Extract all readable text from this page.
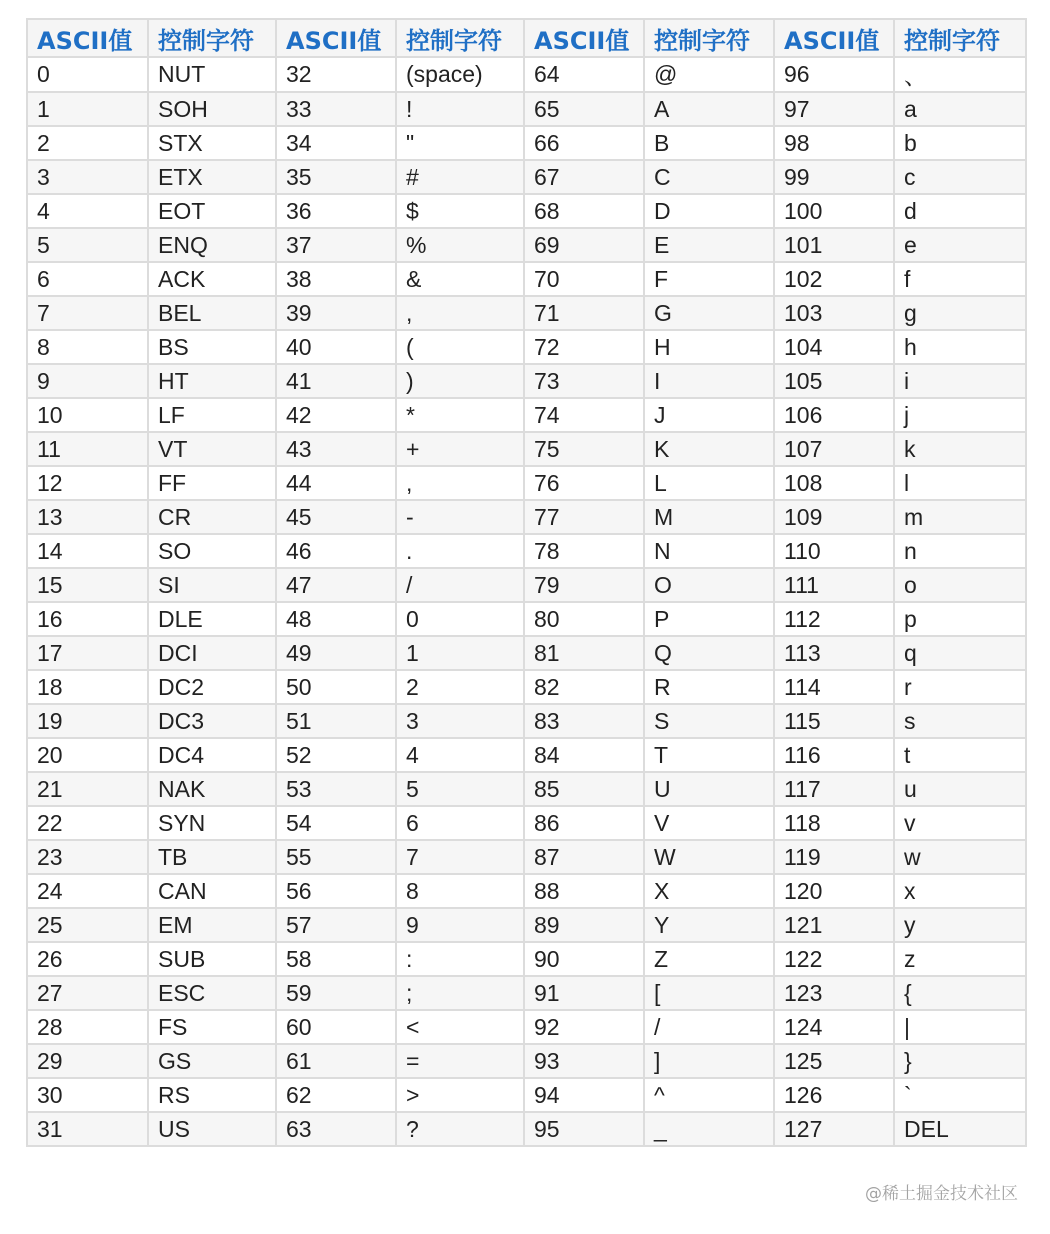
ASCII值	控制字符	ASCII值	控制字符	ASCII值	控制字符	ASCII值	控制字符
0	NUT	32	(space)	64	@	96	、
1	SOH	33	!	65	A	97	a
2	STX	34	"	66	B	98	b
3	ETX	35	#	67	C	99	c
4	EOT	36	$	68	D	100	d
5	ENQ	37	%	69	E	101	e
6	ACK	38	&	70	F	102	f
7	BEL	39	,	71	G	103	g
8	BS	40	(	72	H	104	h
9	HT	41	)	73	I	105	i
10	LF	42	*	74	J	106	j
11	VT	43	+	75	K	107	k
12	FF	44	,	76	L	108	l
13	CR	45	-	77	M	109	m
14	SO	46	.	78	N	110	n
15	SI	47	/	79	O	111	o
16	DLE	48	0	80	P	112	p
17	DCI	49	1	81	Q	113	q
18	DC2	50	2	82	R	114	r
19	DC3	51	3	83	S	115	s
20	DC4	52	4	84	T	116	t
21	NAK	53	5	85	U	117	u
22	SYN	54	6	86	V	118	v
23	TB	55	7	87	W	119	w
24	CAN	56	8	88	X	120	x
25	EM	57	9	89	Y	121	y
26	SUB	58	:	90	Z	122	z
27	ESC	59	;	91	[	123	{
28	FS	60	<	92	/	124	|
29	GS	61	=	93	]	125	}
30	RS	62	>	94	^	126	`
31	US	63	?	95	_	127	DEL
@稀土掘金技术社区
